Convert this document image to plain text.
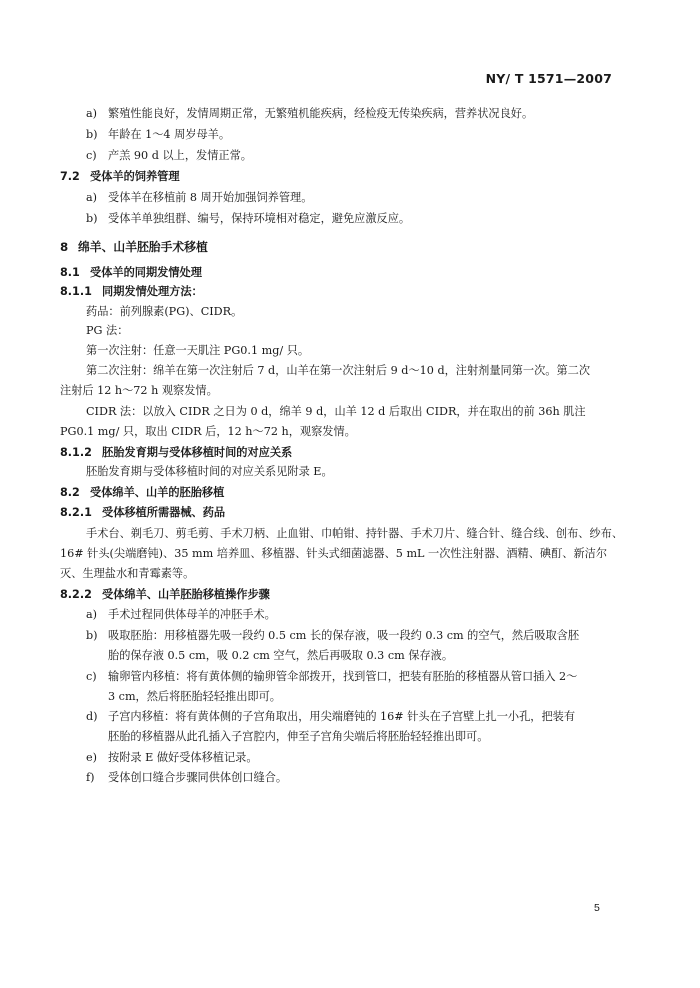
NY/ T 1571—2007
a) 繁殖性能良好，发情周期正常，无繁殖机能疾病，经检疫无传染疾病，营养状况良好。
b) 年龄在 1～4 周岁母羊。
c) 产羔 90 d 以上，发情正常。
7.2 受体羊的饲养管理
a) 受体羊在移植前 8 周开始加强饲养管理。
b) 受体羊单独组群、编号，保持环境相对稳定，避免应激反应。
8 绵羊、山羊胚胎手术移植
8.1 受体羊的同期发情处理
8.1.1 同期发情处理方法：
药品：前列腺素(PG)、CIDR。
PG 法：
第一次注射：任意一天肌注 PG0.1 mg/ 只。
第二次注射：绵羊在第一次注射后 7 d，山羊在第一次注射后 9 d～10 d，注射剂量同第一次。第二次
注射后 12 h～72 h 观察发情。
CIDR 法：以放入 CIDR 之日为 0 d，绵羊 9 d，山羊 12 d 后取出 CIDR，并在取出的前 36h 肌注
PG0.1 mg/ 只，取出 CIDR 后，12 h～72 h，观察发情。
8.1.2 胚胎发育期与受体移植时间的对应关系
胚胎发育期与受体移植时间的对应关系见附录 E。
8.2 受体绵羊、山羊的胚胎移植
8.2.1 受体移植所需器械、药品
手术台、剃毛刀、剪毛剪、手术刀柄、止血钳、巾帕钳、持针器、手术刀片、缝合针、缝合线、创布、纱布、
16# 针头(尖端磨钝)、35 mm 培养皿、移植器、针头式细菌滤器、5 mL 一次性注射器、酒精、碘酊、新洁尔
灭、生理盐水和青霉素等。
8.2.2 受体绵羊、山羊胚胎移植操作步骤
a) 手术过程同供体母羊的冲胚手术。
b) 吸取胚胎：用移植器先吸一段约 0.5 cm 长的保存液，吸一段约 0.3 cm 的空气，然后吸取含胚
胎的保存液 0.5 cm，吸 0.2 cm 空气，然后再吸取 0.3 cm 保存液。
c) 输卵管内移植：将有黄体侧的输卵管伞部拨开，找到管口，把装有胚胎的移植器从管口插入 2～
3 cm，然后将胚胎轻轻推出即可。
d) 子宫内移植：将有黄体侧的子宫角取出，用尖端磨钝的 16# 针头在子宫壁上扎一小孔，把装有
胚胎的移植器从此孔插入子宫腔内，伸至子宫角尖端后将胚胎轻轻推出即可。
e) 按附录 E 做好受体移植记录。
f) 受体创口缝合步骤同供体创口缝合。
5
